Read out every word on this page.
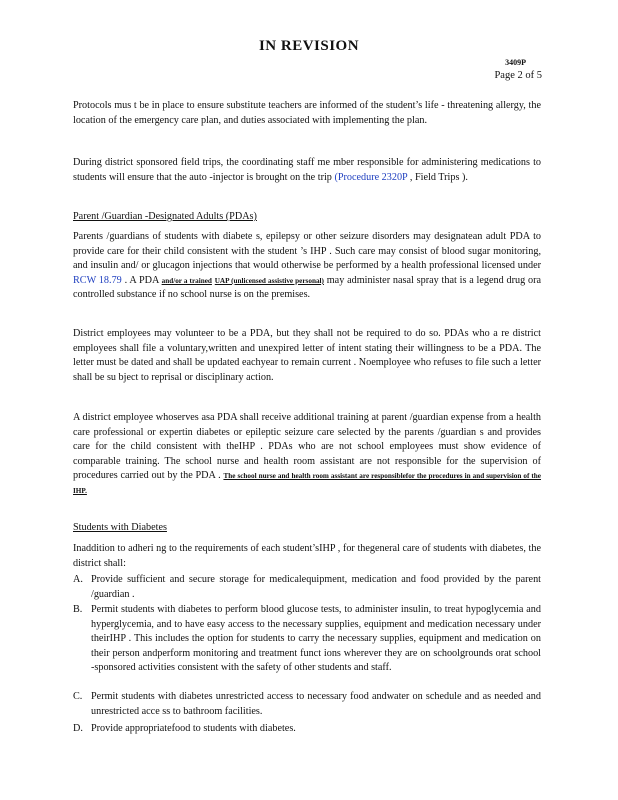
IN REVISION
3409P
Page 2 of 5
Protocols mus t be in place to ensure substitute teachers are informed of the student’s life - threatening allergy, the location of the emergency care plan, and duties associated with implementing the plan.
During district sponsored field trips, the coordinating staff me mber responsible for administering medications to students will ensure that the auto -injector is brought on the trip (Procedure 2320P , Field Trips ).
Parent /Guardian -Designated Adults (PDAs)
Parents /guardians of students with diabete s, epilepsy or other seizure disorders may designatean adult PDA to provide care for their child consistent with the student ’s IHP . Such care may consist of blood sugar monitoring, and insulin and/ or glucagon injections that would otherwise be performed by a health professional licensed under RCW 18.79 . A PDA and/or a trained UAP (unlicensed assistive personal) may administer nasal spray that is a legend drug ora controlled substance if no school nurse is on the premises.
District employees may volunteer to be a PDA, but they shall not be required to do so. PDAs who a re district employees shall file a voluntary,written and unexpired letter of intent stating their willingness to be a PDA. The letter must be dated and shall be updated eachyear to remain current . Noemployee who refuses to file such a letter shall be su bject to reprisal or disciplinary action.
A district employee whoserves asa PDA shall receive additional training at parent /guardian expense from a health care professional or expertin diabetes or epileptic seizure care selected by the parents /guardian s and provides care for the child consistent with theIHP . PDAs who are not school employees must show evidence of comparable training. The school nurse and health room assistant are not responsible for the supervision of procedures carried out by the PDA . The school nurse and health room assistant are responsiblefor the procedures in and supervision of the IHP.
Students with Diabetes
Inaddition to adheri ng to the requirements of each student’sIHP , for thegeneral care of students with diabetes, the district shall:
A. Provide sufficient and secure storage for medicalequipment, medication and food provided by the parent /guardian .
B. Permit students with diabetes to perform blood glucose tests, to administer insulin, to treat hypoglycemia and hyperglycemia, and to have easy access to the necessary supplies, equipment and medication necessary under theirIHP . This includes the option for students to carry the necessary supplies, equipment and medication on their person andperform monitoring and treatment funct ions wherever they are on schoolgrounds orat school -sponsored activities consistent with the safety of other students and staff.
C. Permit students with diabetes unrestricted access to necessary food andwater on schedule and as needed and unrestricted acce ss to bathroom facilities.
D. Provide appropriatefood to students with diabetes.
